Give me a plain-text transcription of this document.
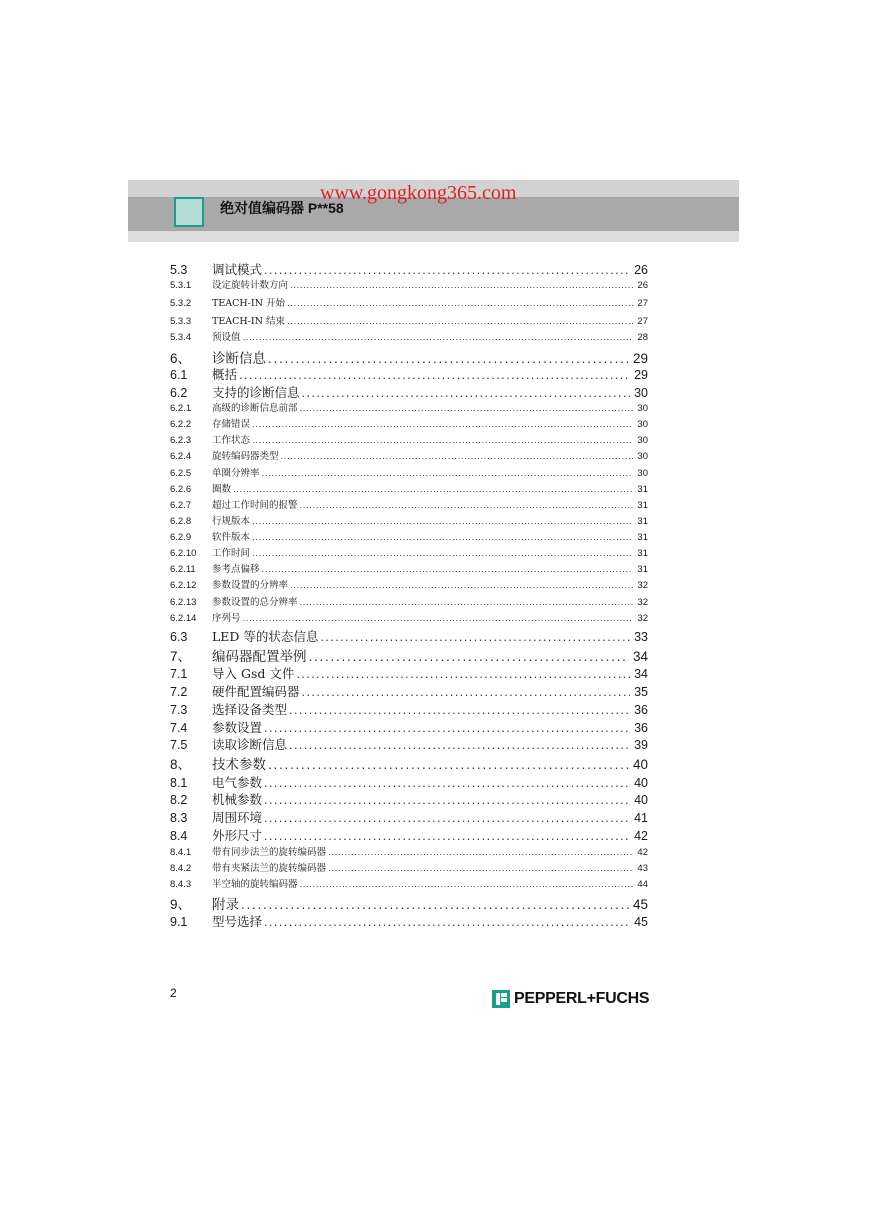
绝对值编码器 P**58
www.gongkong365.com
5.3	调试模式 . . .	26
5.3.1	设定旋转计数方向 . . .	26
5.3.2	TEACH-IN 开始 . . .	27
5.3.3	TEACH-IN 结束 . . .	27
5.3.4	预设值 . . .	28
6、	诊断信息 . . .	29
6.1	概括 . . .	29
6.2	支持的诊断信息 . . .	30
6.2.1	高级的诊断信息前部 . . .	30
6.2.2	存储错误 . . .	30
6.2.3	工作状态 . . .	30
6.2.4	旋转编码器类型 . . .	30
6.2.5	单圈分辨率 . . .	30
6.2.6	圈数 . . .	31
6.2.7	超过工作时间的报警 . . .	31
6.2.8	行规版本 . . .	31
6.2.9	软件版本 . . .	31
6.2.10	工作时间 . . .	31
6.2.11	参考点偏移 . . .	31
6.2.12	参数设置的分辨率 . . .	32
6.2.13	参数设置的总分辨率 . . .	32
6.2.14	序列号 . . .	32
6.3	LED 等的状态信息 . . .	33
7、	编码器配置举例 . . .	34
7.1	导入 Gsd 文件 . . .	34
7.2	硬件配置编码器 . . .	35
7.3	选择设备类型 . . .	36
7.4	参数设置 . . .	36
7.5	读取诊断信息 . . .	39
8、	技术参数 . . .	40
8.1	电气参数 . . .	40
8.2	机械参数 . . .	40
8.3	周围环境 . . .	41
8.4	外形尺寸 . . .	42
8.4.1	带有同步法兰的旋转编码器 . . .	42
8.4.2	带有夹紧法兰的旋转编码器 . . .	43
8.4.3	半空轴的旋转编码器 . . .	44
9、	附录 . . .	45
9.1	型号选择 . . .	45
2	PEPPERL+FUCHS
